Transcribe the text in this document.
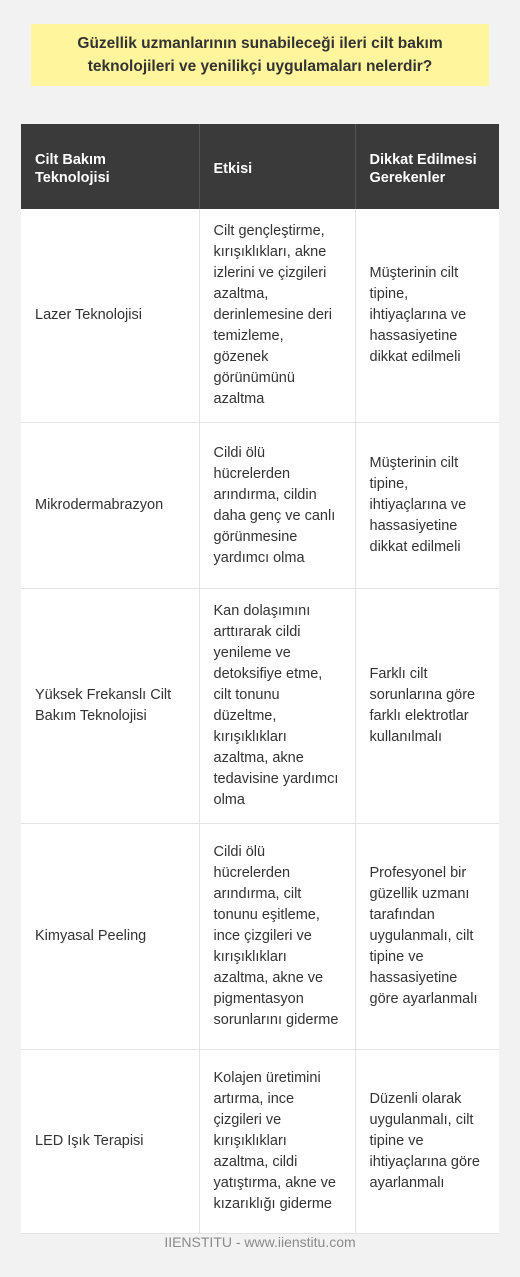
Güzellik uzmanlarının sunabileceği ileri cilt bakım teknolojileri ve yenilikçi uygulamaları nelerdir?
Cilt Bakım Teknolojisi	Etkisi	Dikkat Edilmesi Gerekenler
Lazer Teknolojisi	Cilt gençleştirme, kırışıklıkları, akne izlerini ve çizgileri azaltma, derinlemesine deri temizleme, gözenek görünümünü azaltma	Müşterinin cilt tipine, ihtiyaçlarına ve hassasiyetine dikkat edilmeli
Mikrodermabrazyon	Cildi ölü hücrelerden arındırma, cildin daha genç ve canlı görünmesine yardımcı olma	Müşterinin cilt tipine, ihtiyaçlarına ve hassasiyetine dikkat edilmeli
Yüksek Frekanslı Cilt Bakım Teknolojisi	Kan dolaşımını arttırarak cildi yenileme ve detoksifiye etme, cilt tonunu düzeltme, kırışıklıkları azaltma, akne tedavisine yardımcı olma	Farklı cilt sorunlarına göre farklı elektrotlar kullanılmalı
Kimyasal Peeling	Cildi ölü hücrelerden arındırma, cilt tonunu eşitleme, ince çizgileri ve kırışıklıkları azaltma, akne ve pigmentasyon sorunlarını giderme	Profesyonel bir güzellik uzmanı tarafından uygulanmalı, cilt tipine ve hassasiyetine göre ayarlanmalı
LED Işık Terapisi	Kolajen üretimini artırma, ince çizgileri ve kırışıklıkları azaltma, cildi yatıştırma, akne ve kızarıklığı giderme	Düzenli olarak uygulanmalı, cilt tipine ve ihtiyaçlarına göre ayarlanmalı
IIENSTITU - www.iienstitu.com
